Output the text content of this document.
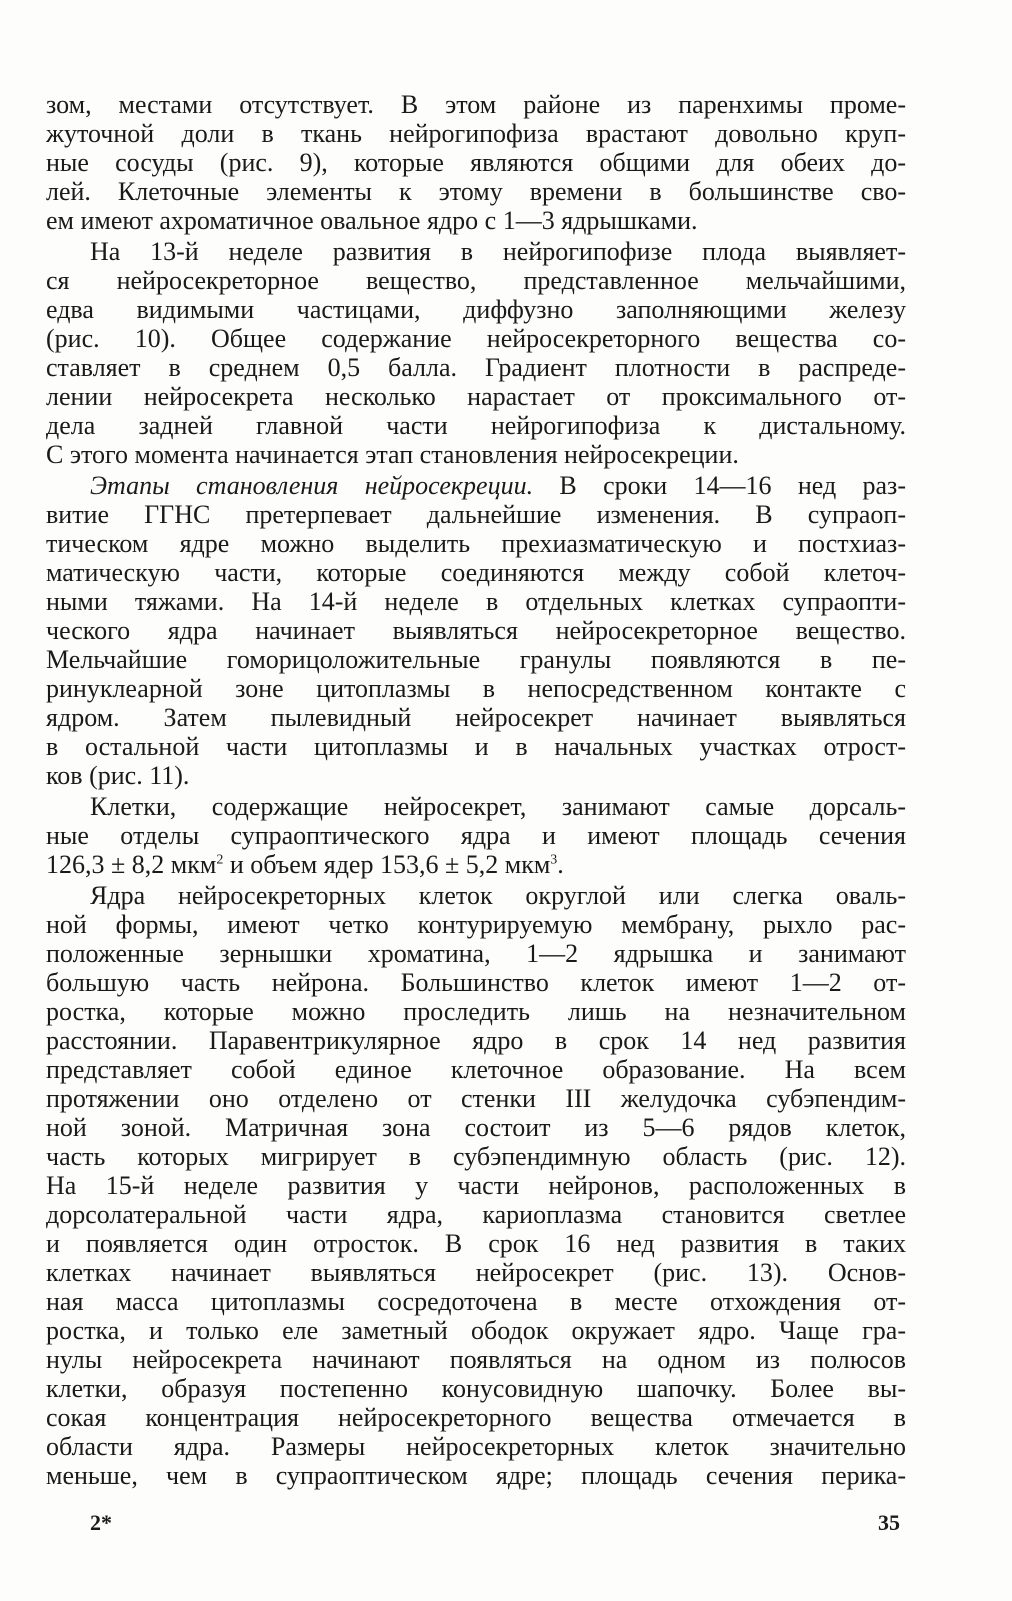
зом, местами отсутствует. В этом районе из паренхимы проме-
жуточной доли в ткань нейрогипофиза врастают довольно круп-
ные сосуды (рис. 9), которые являются общими для обеих до-
лей. Клеточные элементы к этому времени в большинстве сво-
ем имеют ахроматичное овальное ядро с 1—3 ядрышками.
На 13-й неделе развития в нейрогипофизе плода выявляет-
ся нейросекреторное вещество, представленное мельчайшими,
едва видимыми частицами, диффузно заполняющими железу
(рис. 10). Общее содержание нейросекреторного вещества со-
ставляет в среднем 0,5 балла. Градиент плотности в распреде-
лении нейросекрета несколько нарастает от проксимального от-
дела задней главной части нейрогипофиза к дистальному.
С этого момента начинается этап становления нейросекреции.
Этапы становления нейросекреции. В сроки 14—16 нед раз-
витие ГГНС претерпевает дальнейшие изменения. В супраоп-
тическом ядре можно выделить прехиазматическую и постхиаз-
матическую части, которые соединяются между собой клеточ-
ными тяжами. На 14-й неделе в отдельных клетках супраопти-
ческого ядра начинает выявляться нейросекреторное вещество.
Мельчайшие гоморицоложительные гранулы появляются в пе-
ринуклеарной зоне цитоплазмы в непосредственном контакте с
ядром. Затем пылевидный нейросекрет начинает выявляться
в остальной части цитоплазмы и в начальных участках отрост-
ков (рис. 11).
Клетки, содержащие нейросекрет, занимают самые дорсаль-
ные отделы супраоптического ядра и имеют площадь сечения
126,3 ± 8,2 мкм$^2$ и объем ядер 153,6 ± 5,2 мкм$^3$.
Ядра нейросекреторных клеток округлой или слегка оваль-
ной формы, имеют четко контурируемую мембрану, рыхло рас-
положенные зернышки хроматина, 1—2 ядрышка и занимают
большую часть нейрона. Большинство клеток имеют 1—2 от-
ростка, которые можно проследить лишь на незначительном
расстоянии. Паравентрикулярное ядро в срок 14 нед развития
представляет собой единое клеточное образование. На всем
протяжении оно отделено от стенки III желудочка субэпендим-
ной зоной. Матричная зона состоит из 5—6 рядов клеток,
часть которых мигрирует в субэпендимную область (рис. 12).
На 15-й неделе развития у части нейронов, расположенных в
дорсолатеральной части ядра, кариоплазма становится светлее
и появляется один отросток. В срок 16 нед развития в таких
клетках начинает выявляться нейросекрет (рис. 13). Основ-
ная масса цитоплазмы сосредоточена в месте отхождения от-
ростка, и только еле заметный ободок окружает ядро. Чаще гра-
нулы нейросекрета начинают появляться на одном из полюсов
клетки, образуя постепенно конусовидную шапочку. Более вы-
сокая концентрация нейросекреторного вещества отмечается в
области ядра. Размеры нейросекреторных клеток значительно
меньше, чем в супраоптическом ядре; площадь сечения перика-
2*	35
